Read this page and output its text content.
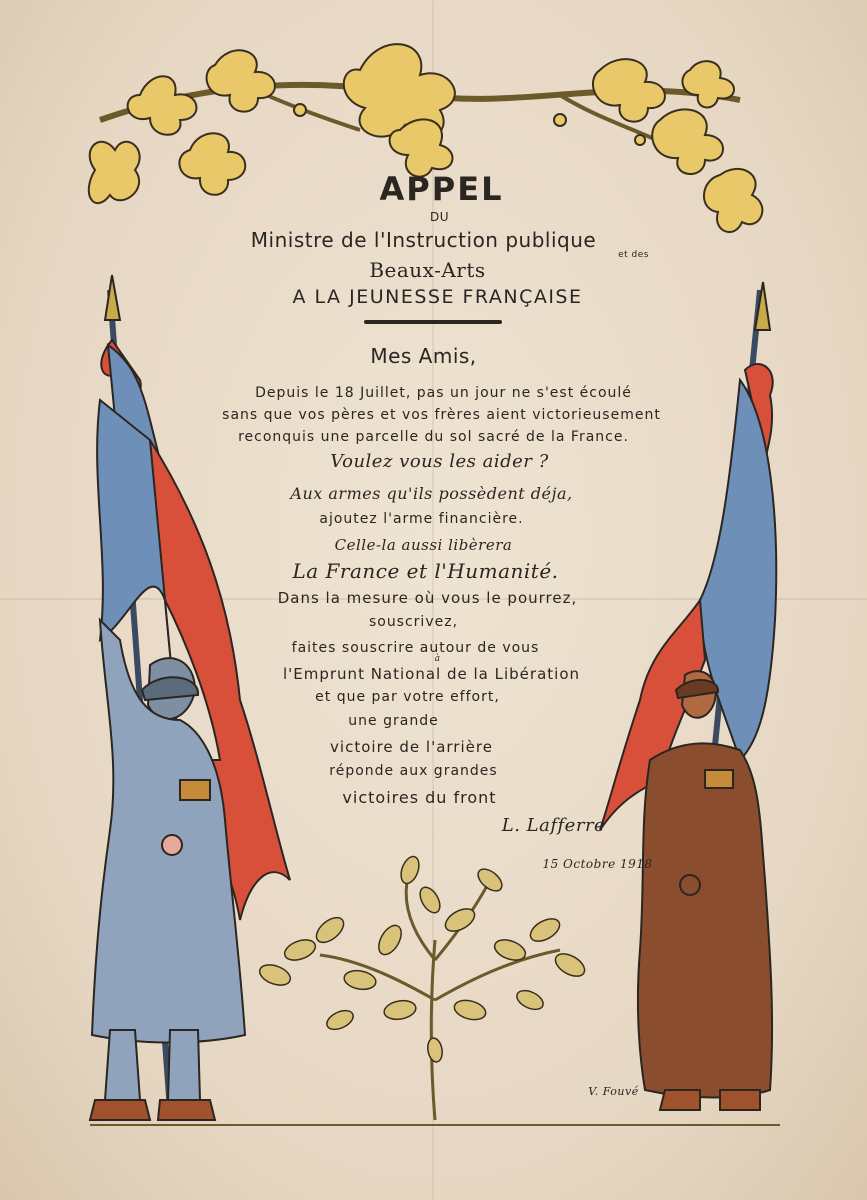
APPEL
DU
Ministre de l'Instruction publique
et des
Beaux-Arts
A LA JEUNESSE FRANÇAISE
Mes Amis,
Depuis le 18 Juillet, pas un jour ne s'est écoulé
sans que vos pères et vos frères aient victorieusement
reconquis une parcelle du sol sacré de la France.
Voulez vous les aider ?
Aux armes qu'ils possèdent déja,
ajoutez l'arme financière.
Celle-la aussi libèrera
La France et l'Humanité.
Dans la mesure où vous le pourrez,
souscrivez,
faites souscrire autour de vous
à
l'Emprunt National de la Libération
et que par votre effort,
une grande
victoire de l'arrière
réponde aux grandes
victoires du front
L. Lafferre
15 Octobre 1918
V. Fouvé
